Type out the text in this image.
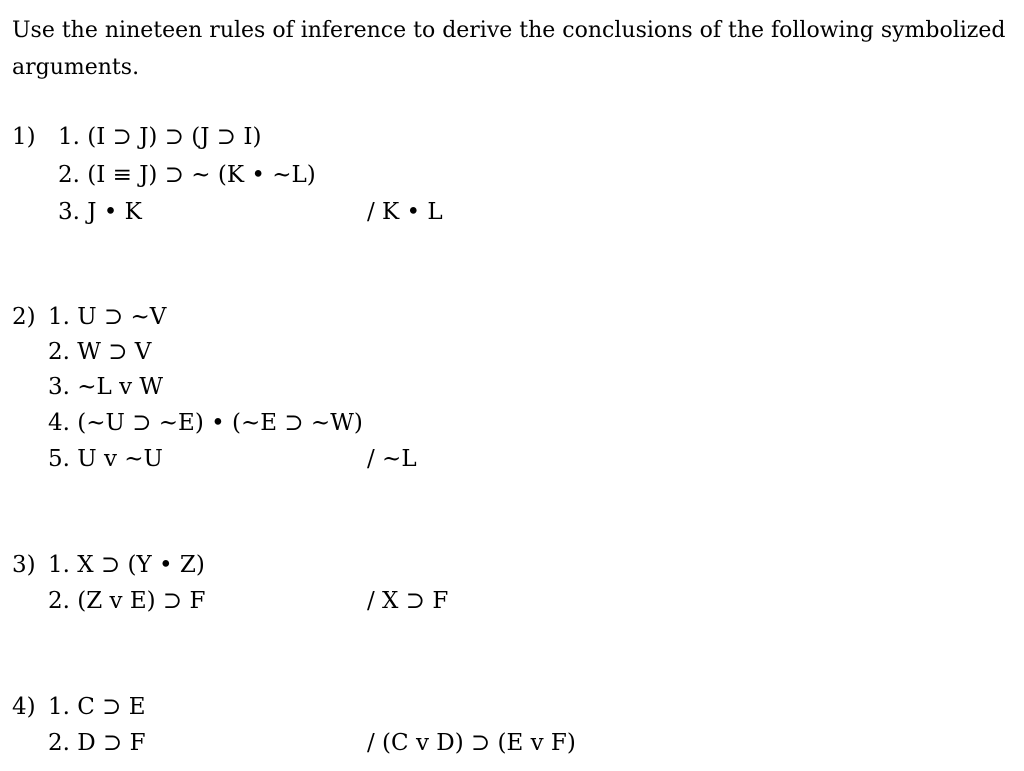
Use the nineteen rules of inference to derive the conclusions of the following symbolized arguments.

1) 1. (I ⊃ J) ⊃ (J ⊃ I)
2. (I ≡ J) ⊃ ~ (K • ~L)
3. J • K	/ K • L
2) 1. U ⊃ ~V
2. W ⊃ V
3. ~L v W
4. (~U ⊃ ~E) • (~E ⊃ ~W)
5. U v ~U	/ ~L
3) 1. X ⊃ (Y • Z)
2. (Z v E) ⊃ F	/ X ⊃ F
4) 1. C ⊃ E
2. D ⊃ F	/ (C v D) ⊃ (E v F)
